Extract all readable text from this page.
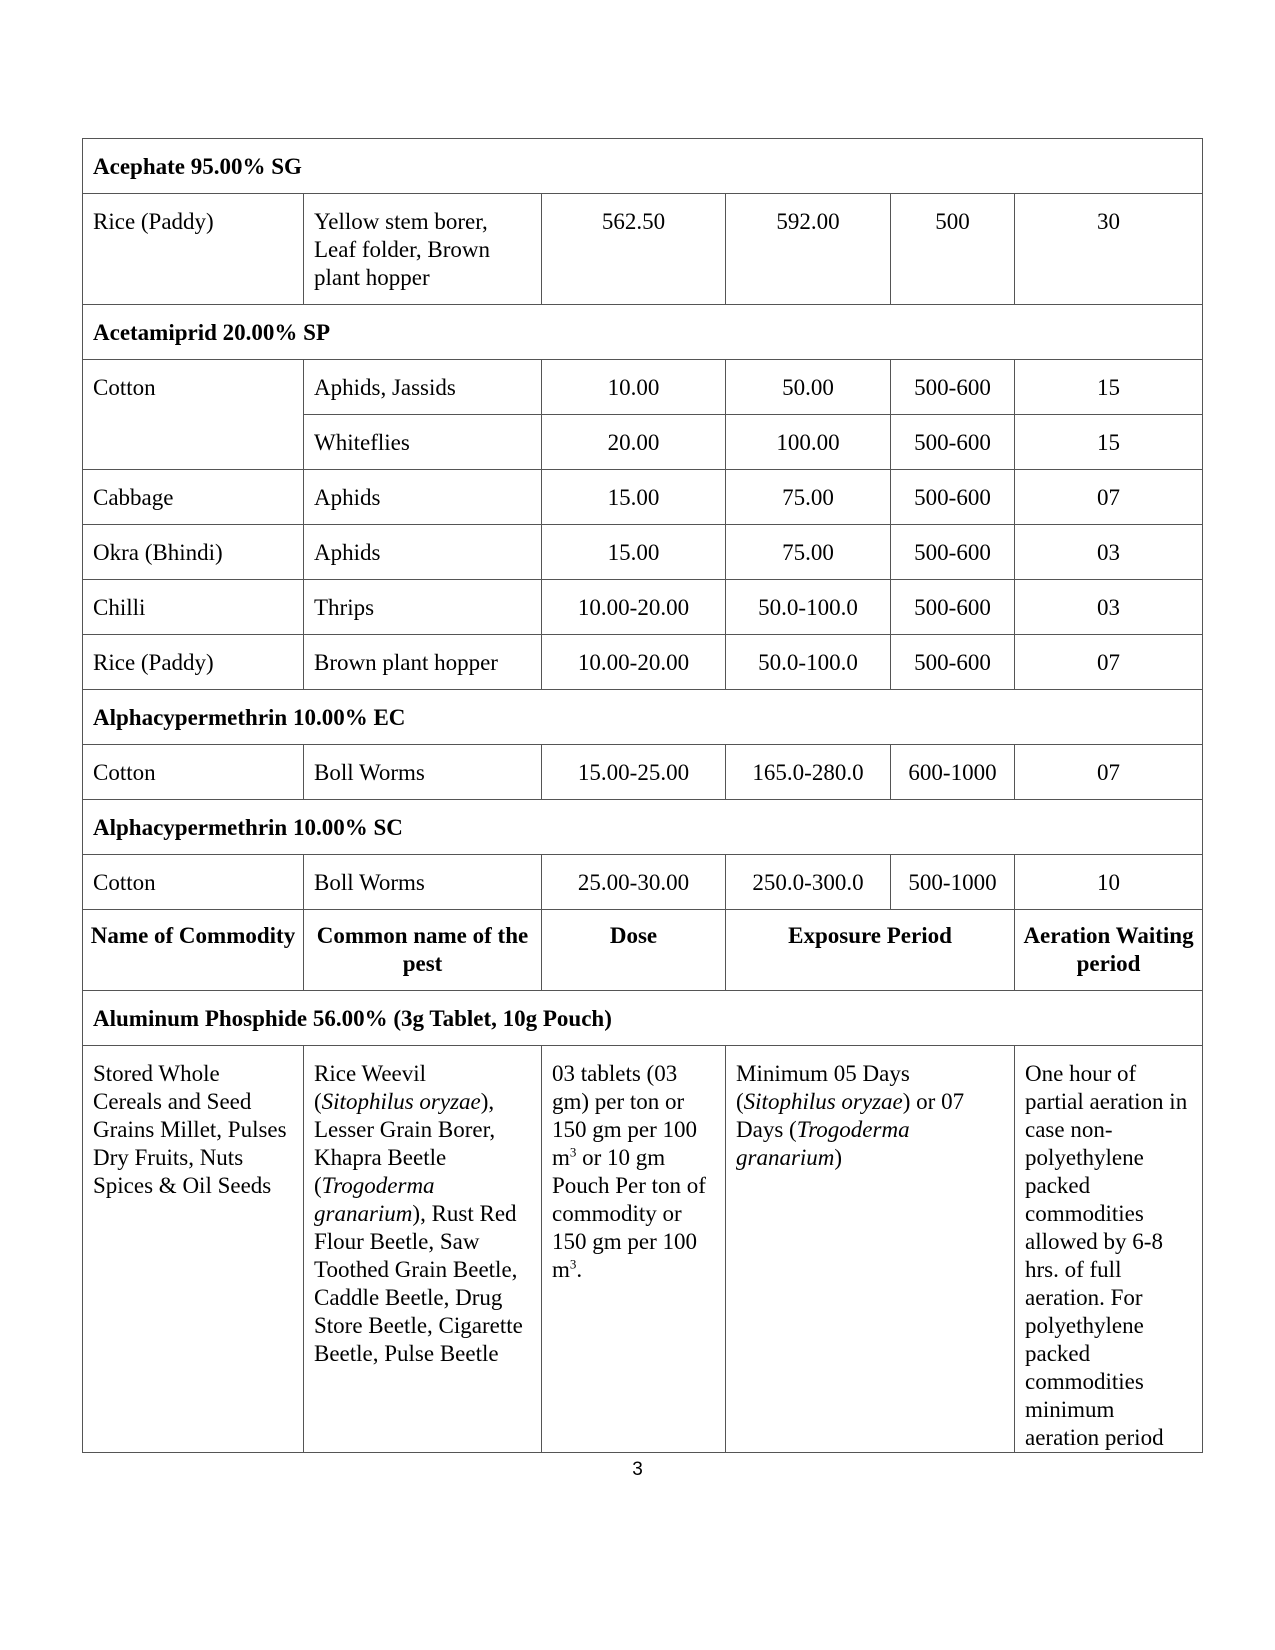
Acephate 95.00% SG					
Rice (Paddy)	Yellow stem borer, Leaf folder, Brown plant hopper	562.50	592.00	500	30
Acetamiprid 20.00% SP					
Cotton	Aphids, Jassids	10.00	50.00	500-600	15
	Whiteflies	20.00	100.00	500-600	15
Cabbage	Aphids	15.00	75.00	500-600	07
Okra (Bhindi)	Aphids	15.00	75.00	500-600	03
Chilli	Thrips	10.00-20.00	50.0-100.0	500-600	03
Rice (Paddy)	Brown plant hopper	10.00-20.00	50.0-100.0	500-600	07
Alphacypermethrin 10.00% EC					
Cotton	Boll Worms	15.00-25.00	165.0-280.0	600-1000	07
Alphacypermethrin 10.00% SC					
Cotton	Boll Worms	25.00-30.00	250.0-300.0	500-1000	10
Name of Commodity	Common name of the pest	Dose	Exposure Period		Aeration Waiting period
Aluminum Phosphide 56.00% (3g Tablet, 10g Pouch)					
Stored Whole Cereals and Seed Grains Millet, Pulses Dry Fruits, Nuts Spices & Oil Seeds	Rice Weevil (Sitophilus oryzae), Lesser Grain Borer, Khapra Beetle (Trogoderma granarium), Rust Red Flour Beetle, Saw Toothed Grain Beetle, Caddle Beetle, Drug Store Beetle, Cigarette Beetle, Pulse Beetle	03 tablets (03 gm) per ton or 150 gm per 100 $m^3$ or 10 gm Pouch Per ton of commodity or 150 gm per 100 $m^3$.	Minimum 05 Days (Sitophilus oryzae) or 07 Days (Trogoderma granarium)		One hour of partial aeration in case non-polyethylene packed commodities allowed by 6-8 hrs. of full aeration. For polyethylene packed commodities minimum aeration period
3
